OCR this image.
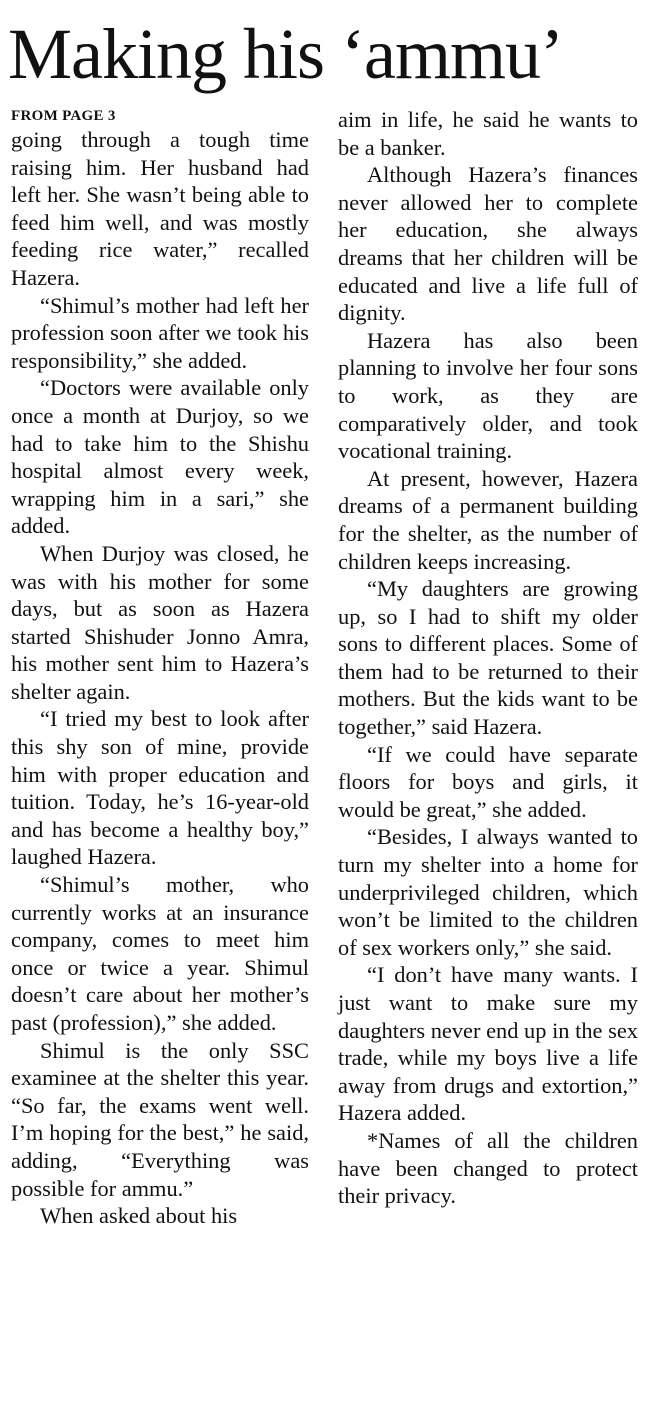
Making his ‘ammu’

FROM PAGE 3

going through a tough time raising him. Her husband had left her. She wasn’t being able to feed him well, and was mostly feeding rice water,” recalled Hazera.

“Shimul’s mother had left her profession soon after we took his responsibility,” she added.

“Doctors were available only once a month at Durjoy, so we had to take him to the Shishu hospital almost every week, wrapping him in a sari,” she added.

When Durjoy was closed, he was with his mother for some days, but as soon as Hazera started Shishuder Jonno Amra, his mother sent him to Hazera’s shelter again.

“I tried my best to look after this shy son of mine, provide him with proper education and tuition. Today, he’s 16-year-old and has become a healthy boy,” laughed Hazera.

“Shimul’s mother, who currently works at an insurance company, comes to meet him once or twice a year. Shimul doesn’t care about her mother’s past (profession),” she added.

Shimul is the only SSC examinee at the shelter this year. “So far, the exams went well. I’m hoping for the best,” he said, adding, “Everything was possible for ammu.”

When asked about his

aim in life, he said he wants to be a banker.

Although Hazera’s finances never allowed her to complete her education, she always dreams that her children will be educated and live a life full of dignity.

Hazera has also been planning to involve her four sons to work, as they are comparatively older, and took vocational training.

At present, however, Hazera dreams of a permanent building for the shelter, as the number of children keeps increasing.

“My daughters are growing up, so I had to shift my older sons to different places. Some of them had to be returned to their mothers. But the kids want to be together,” said Hazera.

“If we could have separate floors for boys and girls, it would be great,” she added.

“Besides, I always wanted to turn my shelter into a home for underprivileged children, which won’t be limited to the children of sex workers only,” she said.

“I don’t have many wants. I just want to make sure my daughters never end up in the sex trade, while my boys live a life away from drugs and extortion,” Hazera added.

*Names of all the children have been changed to protect their privacy.
